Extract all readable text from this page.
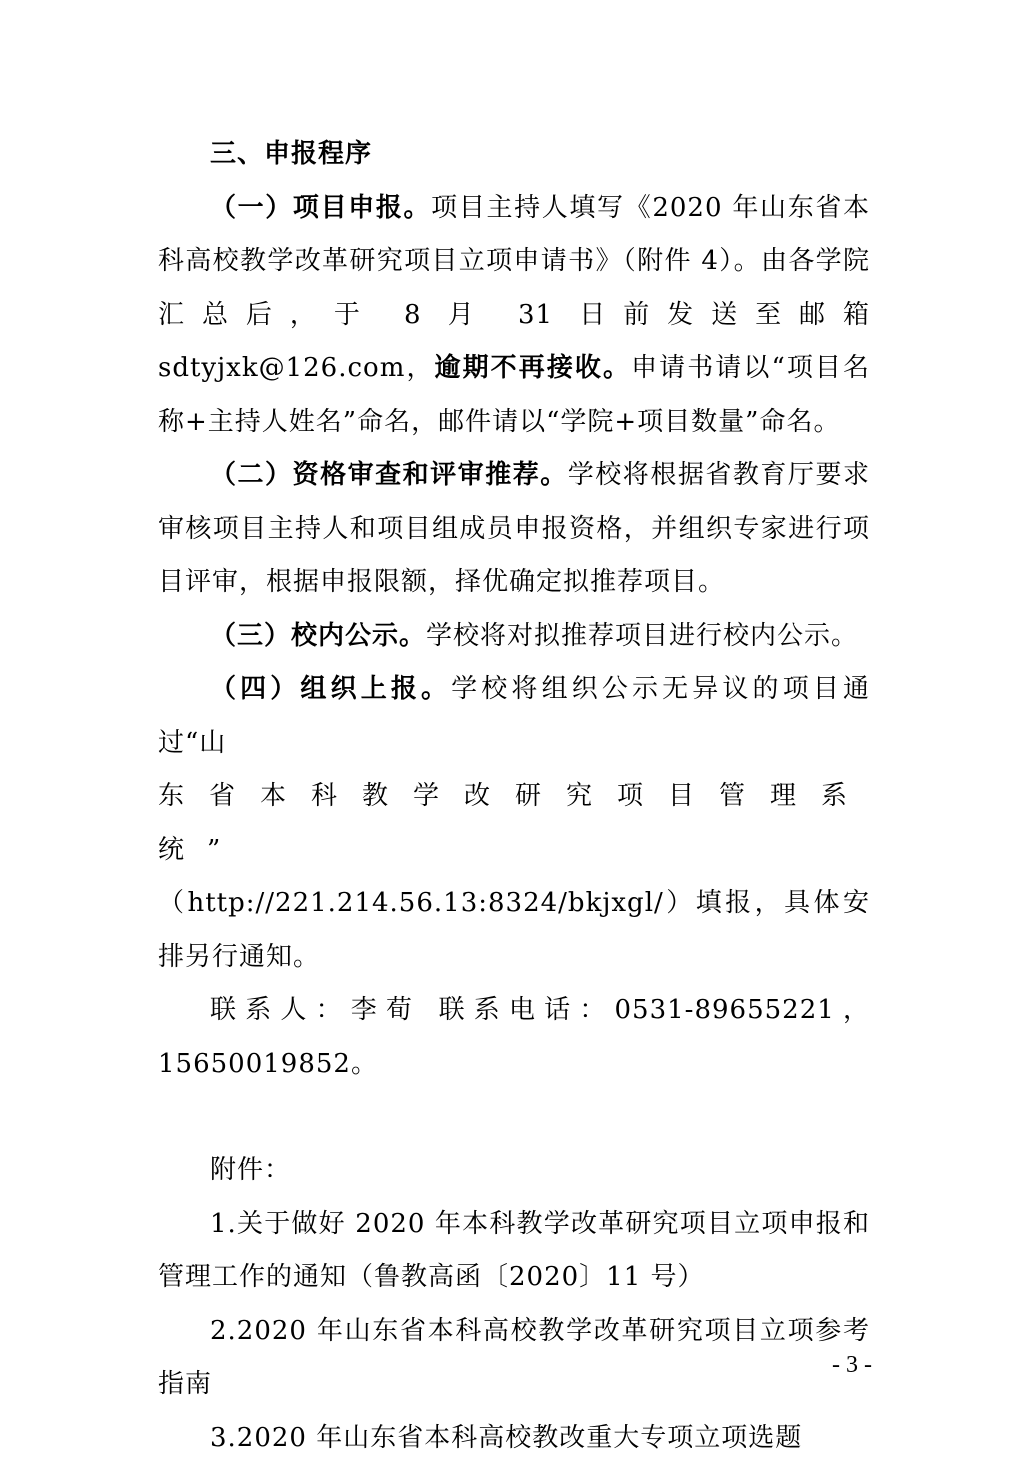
三、申报程序

（一）项目申报。项目主持人填写《2020 年山东省本科高校教学改革研究项目立项申请书》（附件 4）。由各学院汇总后，于 8 月 31 日前发送至邮箱 sdtyjxk@126.com，逾期不再接收。申请书请以“项目名称+主持人姓名”命名，邮件请以“学院+项目数量”命名。

（二）资格审查和评审推荐。学校将根据省教育厅要求审核项目主持人和项目组成员申报资格，并组织专家进行项目评审，根据申报限额，择优确定拟推荐项目。

（三）校内公示。学校将对拟推荐项目进行校内公示。

（四）组织上报。学校将组织公示无异议的项目通过“山

东省本科教学改研究项目管理系统”

（http://221.214.56.13:8324/bkjxgl/）填报，具体安排另行通知。

联系人：李荀 联系电话：0531-89655221，15650019852。

附件：

1.关于做好 2020 年本科教学改革研究项目立项申报和管理工作的通知（鲁教高函〔2020〕11 号）

2.2020 年山东省本科高校教学改革研究项目立项参考指南

3.2020 年山东省本科高校教改重大专项立项选题

- 3 -
